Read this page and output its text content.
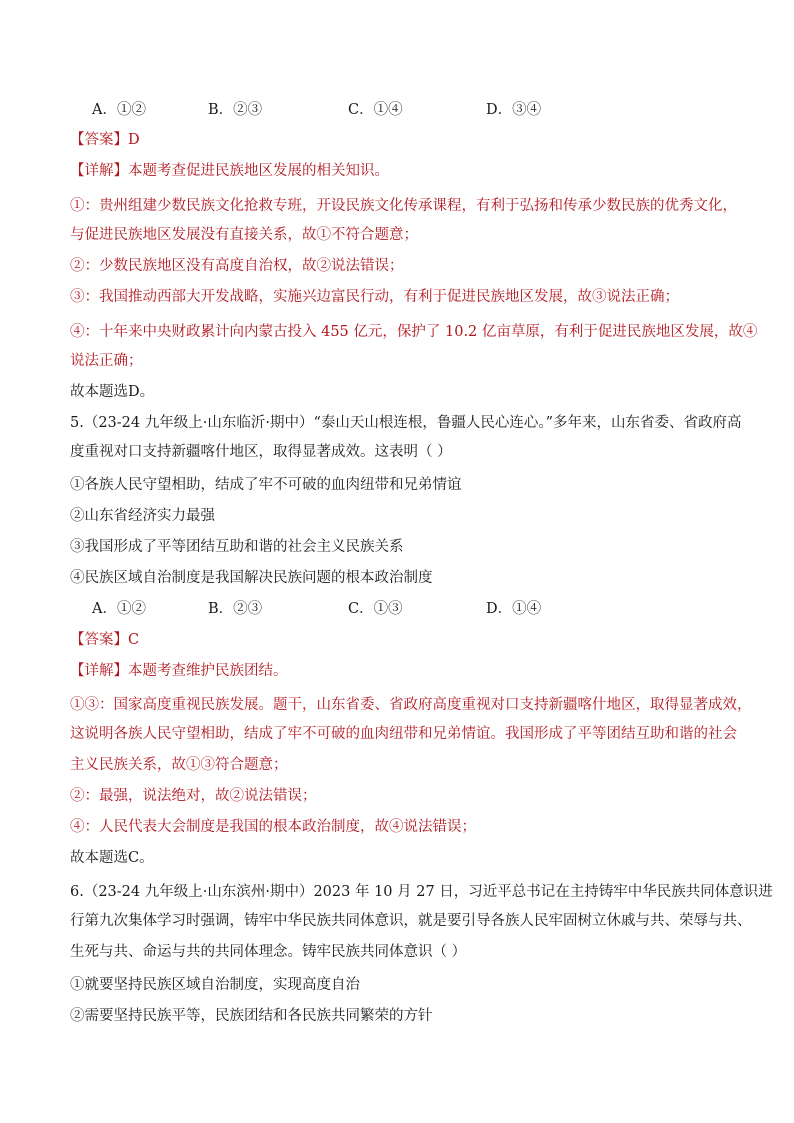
A．①②	B．②③	C．①④	D．③④
【答案】D
【详解】本题考查促进民族地区发展的相关知识。
①：贵州组建少数民族文化抢救专班，开设民族文化传承课程，有利于弘扬和传承少数民族的优秀文化，
与促进民族地区发展没有直接关系，故①不符合题意；
②：少数民族地区没有高度自治权，故②说法错误；
③：我国推动西部大开发战略，实施兴边富民行动，有利于促进民族地区发展，故③说法正确；
④：十年来中央财政累计向内蒙古投入 455 亿元，保护了 10.2 亿亩草原，有利于促进民族地区发展，故④
说法正确；
故本题选D。
5.（23-24 九年级上·山东临沂·期中）“泰山天山根连根，鲁疆人民心连心。”多年来，山东省委、省政府高
度重视对口支持新疆喀什地区，取得显著成效。这表明（ ）
①各族人民守望相助，结成了牢不可破的血肉纽带和兄弟情谊
②山东省经济实力最强
③我国形成了平等团结互助和谐的社会主义民族关系
④民族区域自治制度是我国解决民族问题的根本政治制度
A．①②	B．②③	C．①③	D．①④
【答案】C
【详解】本题考查维护民族团结。
①③：国家高度重视民族发展。题干，山东省委、省政府高度重视对口支持新疆喀什地区，取得显著成效，
这说明各族人民守望相助，结成了牢不可破的血肉纽带和兄弟情谊。我国形成了平等团结互助和谐的社会
主义民族关系，故①③符合题意；
②：最强，说法绝对，故②说法错误；
④：人民代表大会制度是我国的根本政治制度，故④说法错误；
故本题选C。
6.（23-24 九年级上·山东滨州·期中）2023 年 10 月 27 日，习近平总书记在主持铸牢中华民族共同体意识进
行第九次集体学习时强调，铸牢中华民族共同体意识，就是要引导各族人民牢固树立休戚与共、荣辱与共、
生死与共、命运与共的共同体理念。铸牢民族共同体意识（ ）
①就要坚持民族区域自治制度，实现高度自治
②需要坚持民族平等，民族团结和各民族共同繁荣的方针
